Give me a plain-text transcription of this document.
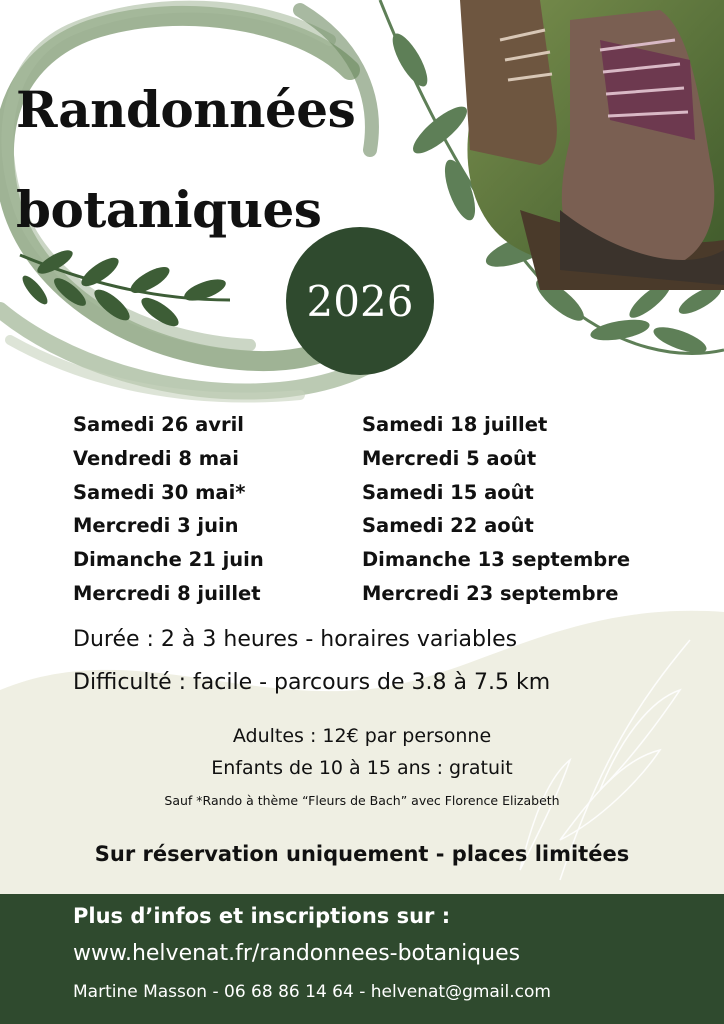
Randonnées
botaniques
2026
Samedi 26 avril
Vendredi 8 mai
Samedi 30 mai*
Mercredi 3 juin
Dimanche 21 juin
Mercredi 8 juillet
Samedi 18 juillet
Mercredi 5 août
Samedi 15 août
Samedi 22 août
Dimanche 13 septembre
Mercredi 23 septembre
Durée : 2 à 3 heures - horaires variables
Difficulté : facile - parcours de 3.8 à 7.5 km
Adultes : 12€ par personne
Enfants de 10 à 15 ans : gratuit
Sauf *Rando à thème “Fleurs de Bach” avec Florence Elizabeth
Sur réservation uniquement - places limitées
Plus d’infos et inscriptions sur :
www.helvenat.fr/randonnees-botaniques
Martine Masson - 06 68 86 14 64 - helvenat@gmail.com
